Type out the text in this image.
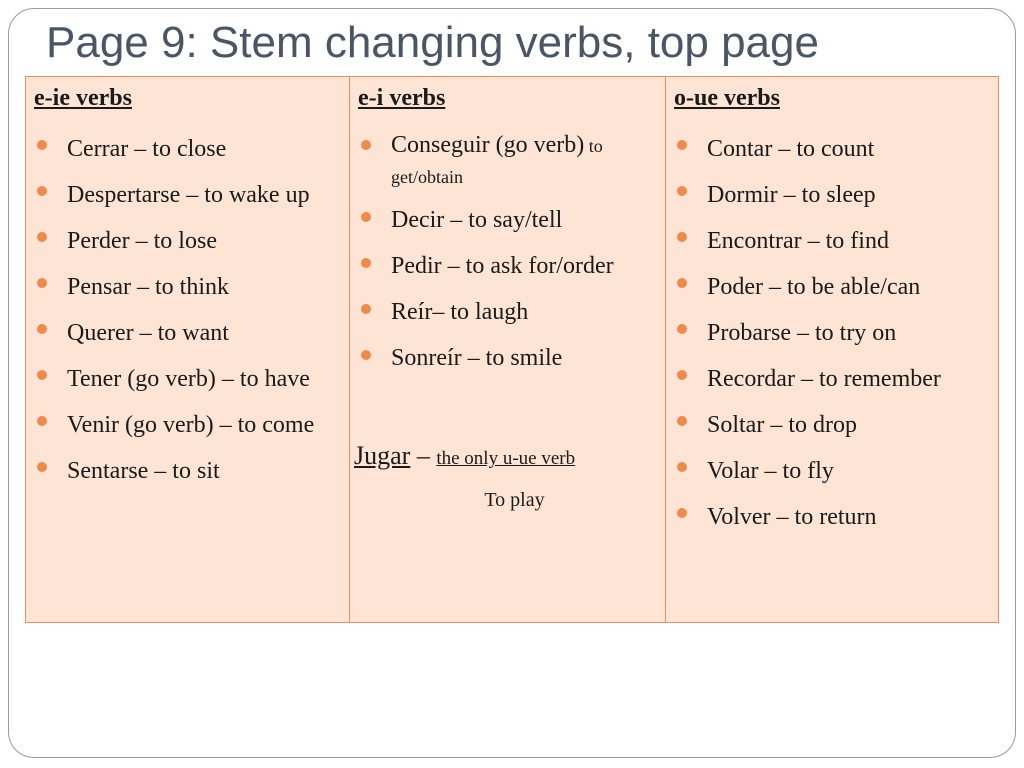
Page 9: Stem changing verbs, top page
e-ie verbs
Cerrar – to close
Despertarse – to wake up
Perder – to lose
Pensar – to think
Querer – to want
Tener (go verb) – to have
Venir (go verb) – to come
Sentarse – to sit
e-i verbs
Conseguir (go verb) to get/obtain
Decir – to say/tell
Pedir – to ask for/order
Reír– to laugh
Sonreír – to smile
Jugar – the only u-ue verb
To play
o-ue verbs
Contar – to count
Dormir – to sleep
Encontrar – to find
Poder – to be able/can
Probarse – to try on
Recordar – to remember
Soltar – to drop
Volar – to fly
Volver – to return
